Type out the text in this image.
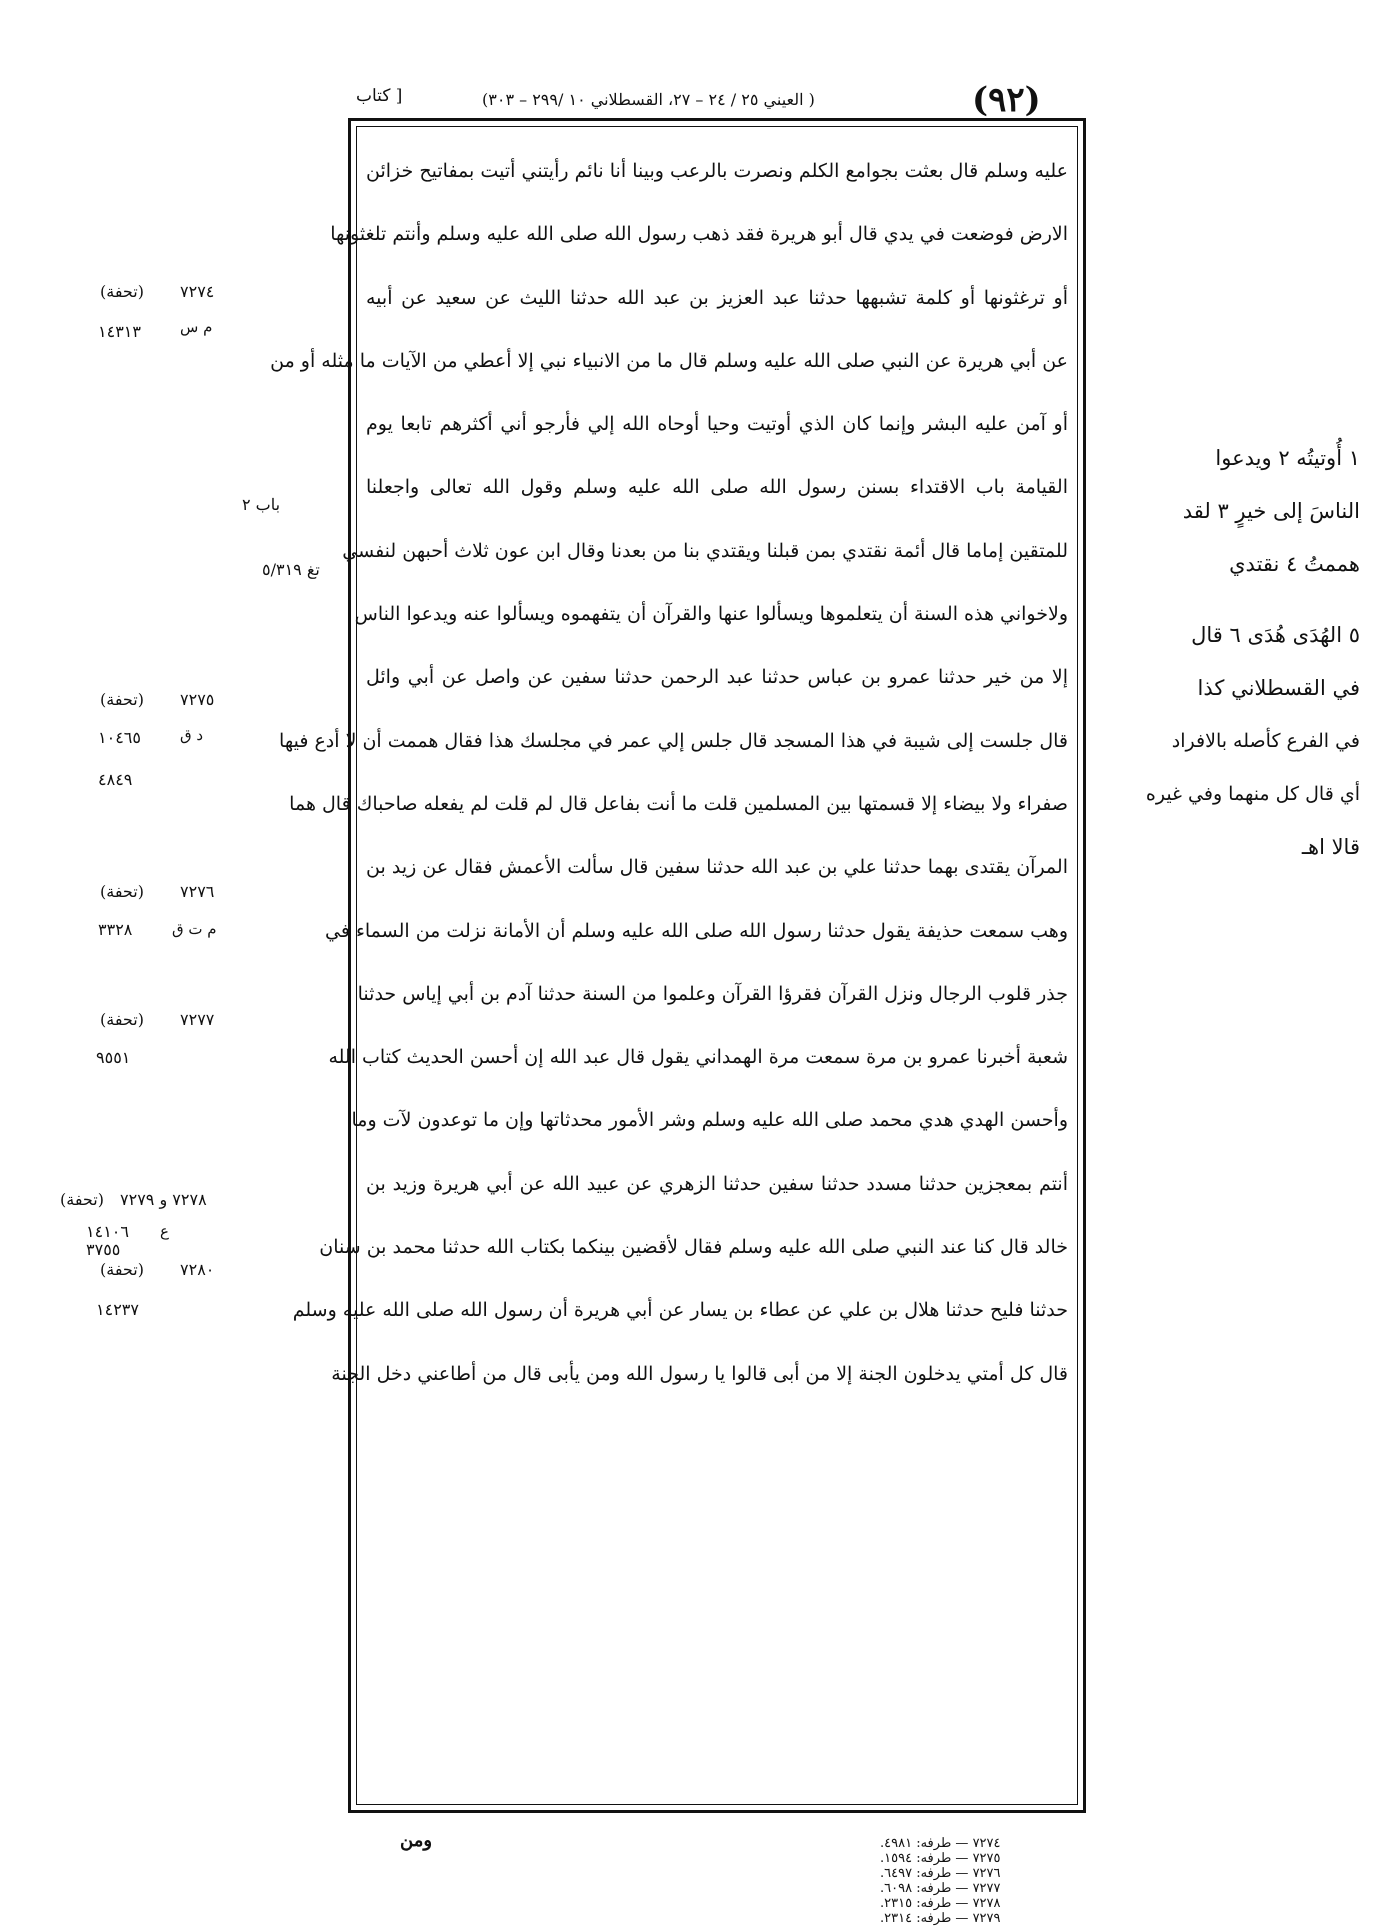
(٩٢)
( العيني ٢٥ / ٢٤ – ٢٧، القسطلاني ١٠ /٢٩٩ – ٣٠٣)
[ كتاب
عليه وسلم قال بعثت بجوامع الكلم ونصرت بالرعب وبينا أنا نائم رأيتني أتيت بمفاتيح خزائن
الارض فوضعت في يدي قال أبو هريرة فقد ذهب رسول الله صلى الله عليه وسلم وأنتم تلغثونها
أو ترغثونها أو كلمة تشبهها حدثنا عبد العزيز بن عبد الله حدثنا الليث عن سعيد عن أبيه
عن أبي هريرة عن النبي صلى الله عليه وسلم قال ما من الانبياء نبي إلا أعطي من الآيات ما مثله أو من
أو آمن عليه البشر وإنما كان الذي أوتيت وحيا أوحاه الله إلي فأرجو أني أكثرهم تابعا يوم
القيامة باب الاقتداء بسنن رسول الله صلى الله عليه وسلم وقول الله تعالى واجعلنا
للمتقين إماما قال أئمة نقتدي بمن قبلنا ويقتدي بنا من بعدنا وقال ابن عون ثلاث أحبهن لنفسي
ولاخواني هذه السنة أن يتعلموها ويسألوا عنها والقرآن أن يتفهموه ويسألوا عنه ويدعوا الناس
إلا من خير حدثنا عمرو بن عباس حدثنا عبد الرحمن حدثنا سفين عن واصل عن أبي وائل
قال جلست إلى شيبة في هذا المسجد قال جلس إلي عمر في مجلسك هذا فقال هممت أن لا أدع فيها
صفراء ولا بيضاء إلا قسمتها بين المسلمين قلت ما أنت بفاعل قال لم قلت لم يفعله صاحباك قال هما
المرآن يقتدى بهما حدثنا علي بن عبد الله حدثنا سفين قال سألت الأعمش فقال عن زيد بن
وهب سمعت حذيفة يقول حدثنا رسول الله صلى الله عليه وسلم أن الأمانة نزلت من السماء في
جذر قلوب الرجال ونزل القرآن فقرؤا القرآن وعلموا من السنة حدثنا آدم بن أبي إياس حدثنا
شعبة أخبرنا عمرو بن مرة سمعت مرة الهمداني يقول قال عبد الله إن أحسن الحديث كتاب الله
وأحسن الهدي هدي محمد صلى الله عليه وسلم وشر الأمور محدثاتها وإن ما توعدون لآت وما
أنتم بمعجزين حدثنا مسدد حدثنا سفين حدثنا الزهري عن عبيد الله عن أبي هريرة وزيد بن
خالد قال كنا عند النبي صلى الله عليه وسلم فقال لأقضين بينكما بكتاب الله حدثنا محمد بن سنان
حدثنا فليح حدثنا هلال بن علي عن عطاء بن يسار عن أبي هريرة أن رسول الله صلى الله عليه وسلم
قال كل أمتي يدخلون الجنة إلا من أبى قالوا يا رسول الله ومن يأبى قال من أطاعني دخل الجنة
ومن
(تحفة) ٧٢٧٤
م س
١٤٣١٣
باب ٢
تغ ٥/٣١٩
(تحفة) ٧٢٧٥
د ق
١٠٤٦٥
٤٨٤٩
(تحفة) ٧٢٧٦
م ت ق
٣٣٢٨
(تحفة) ٧٢٧٧
٩٥٥١
(تحفة) ٧٢٧٨ و ٧٢٧٩
ع
١٤١٠٦
٣٧٥٥
(تحفة) ٧٢٨٠
١٤٢٣٧
١ أُوتيتُه ٢ ويدعوا
الناسَ إلى خيرٍ ٣ لقد
هممتُ ٤ نقتدي
٥ الهُدَى هُدَى ٦ قال
في القسطلاني كذا
في الفرع كأصله بالافراد
أي قال كل منهما وفي غيره
قالا اهـ
٧٢٧٤ — طرفه: ٤٩٨١.
٧٢٧٥ — طرفه: ١٥٩٤.
٧٢٧٦ — طرفه: ٦٤٩٧.
٧٢٧٧ — طرفه: ٦٠٩٨.
٧٢٧٨ — طرفه: ٢٣١٥.
٧٢٧٩ — طرفه: ٢٣١٤.
